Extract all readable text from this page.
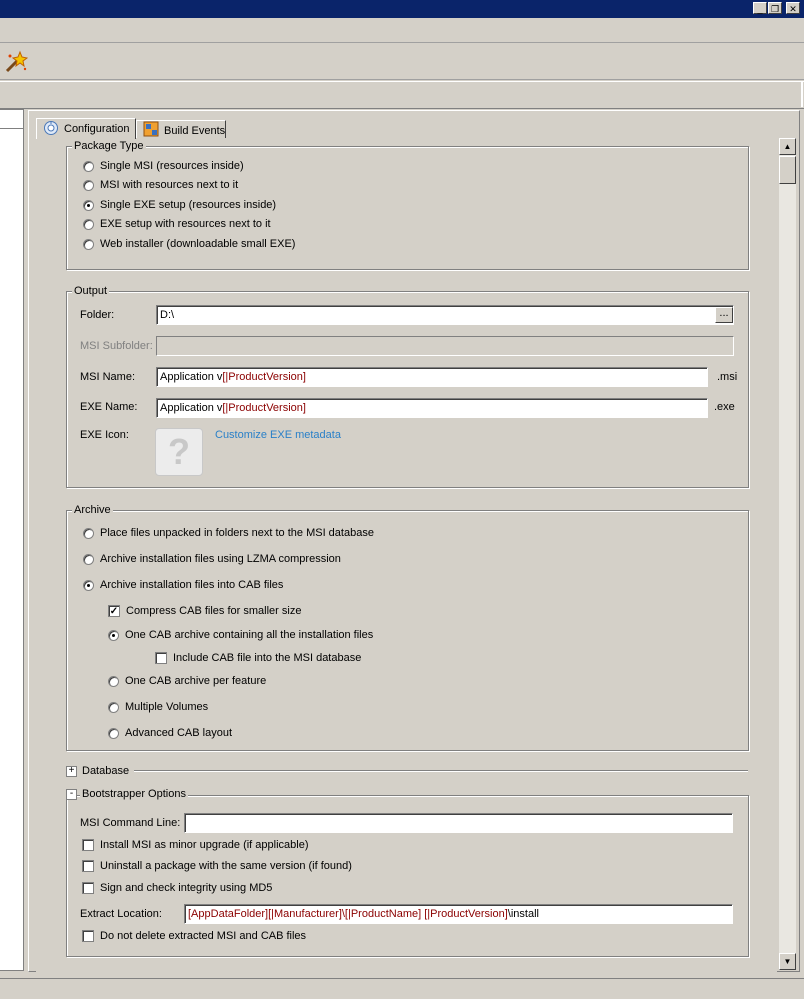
_ ❐	✕
Configuration	Build Events
▲
▼
Package Type
Single MSI (resources inside)
MSI with resources next to it
Single EXE setup (resources inside)
EXE setup with resources next to it
Web installer (downloadable small EXE)
Output
Folder:	D:\	...
MSI Subfolder:
MSI Name:	Application v[|ProductVersion]	.msi
EXE Name:	Application v[|ProductVersion]	.exe
EXE Icon:	?	Customize EXE metadata
Archive
Place files unpacked in folders next to the MSI database
Archive installation files using LZMA compression
Archive installation files into CAB files
✓ Compress CAB files for smaller size
One CAB archive containing all the installation files
Include CAB file into the MSI database
One CAB archive per feature
Multiple Volumes
Advanced CAB layout
+ Database
- Bootstrapper Options
MSI Command Line:
Install MSI as minor upgrade (if applicable)
Uninstall a package with the same version (if found)
Sign and check integrity using MD5
Extract Location:	[AppDataFolder][|Manufacturer]\[|ProductName] [|ProductVersion]\install
Do not delete extracted MSI and CAB files
